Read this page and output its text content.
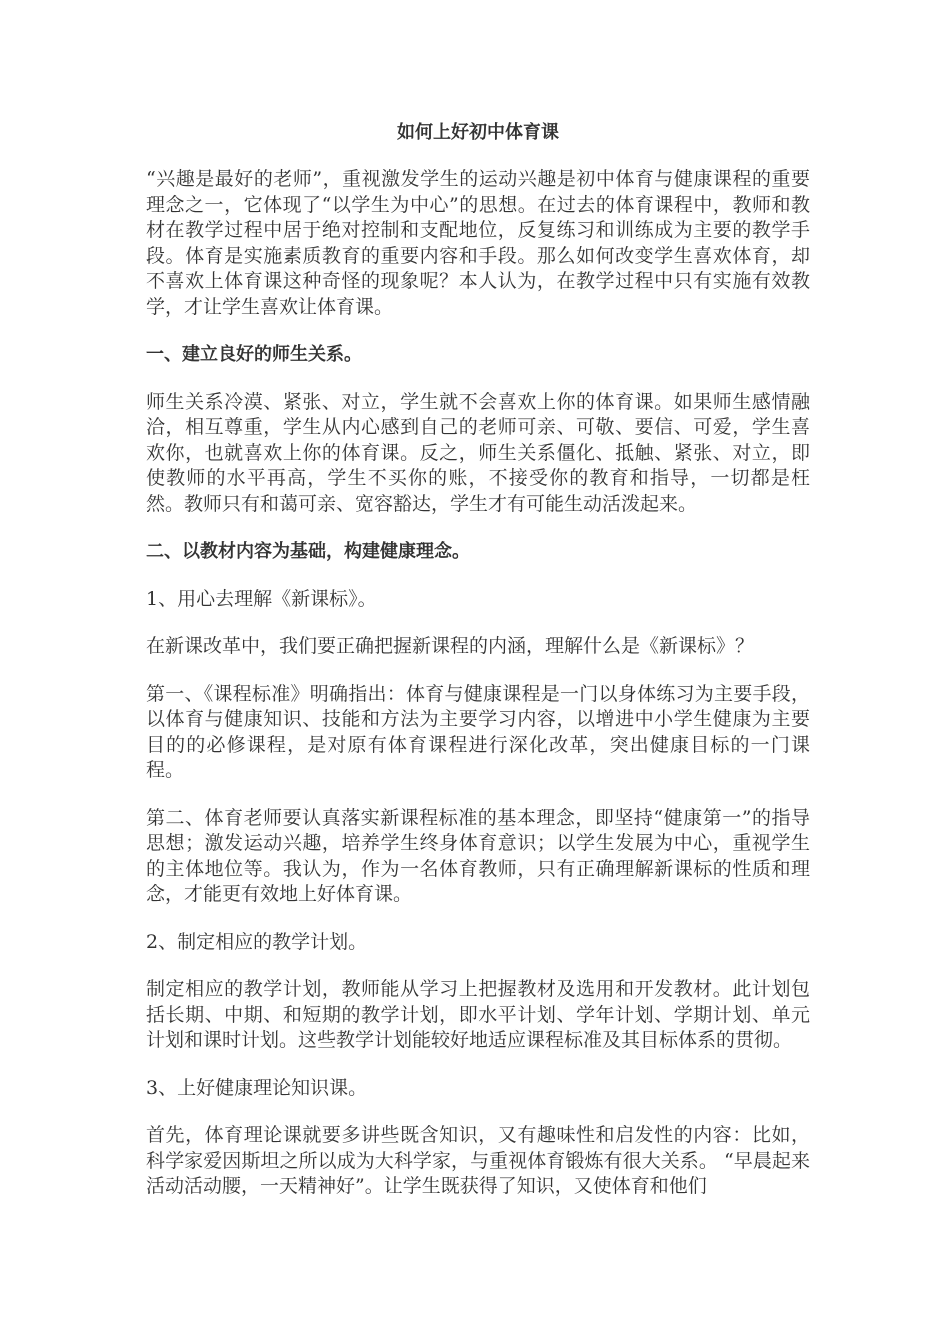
如何上好初中体育课

“兴趣是最好的老师”，重视激发学生的运动兴趣是初中体育与健康课程的重要理念之一，它体现了“以学生为中心”的思想。在过去的体育课程中，教师和教材在教学过程中居于绝对控制和支配地位，反复练习和训练成为主要的教学手段。体育是实施素质教育的重要内容和手段。那么如何改变学生喜欢体育，却不喜欢上体育课这种奇怪的现象呢？本人认为，在教学过程中只有实施有效教学，才让学生喜欢让体育课。

一、建立良好的师生关系。

师生关系冷漠、紧张、对立，学生就不会喜欢上你的体育课。如果师生感情融洽，相互尊重，学生从内心感到自己的老师可亲、可敬、要信、可爱，学生喜欢你，也就喜欢上你的体育课。反之，师生关系僵化、抵触、紧张、对立，即使教师的水平再高，学生不买你的账，不接受你的教育和指导，一切都是枉然。教师只有和蔼可亲、宽容豁达，学生才有可能生动活泼起来。

二、以教材内容为基础，构建健康理念。

1、用心去理解《新课标》。

在新课改革中，我们要正确把握新课程的内涵，理解什么是《新课标》？

第一、《课程标准》明确指出：体育与健康课程是一门以身体练习为主要手段，以体育与健康知识、技能和方法为主要学习内容，以增进中小学生健康为主要目的的必修课程，是对原有体育课程进行深化改革，突出健康目标的一门课程。

第二、体育老师要认真落实新课程标准的基本理念，即坚持“健康第一”的指导思想；激发运动兴趣，培养学生终身体育意识；以学生发展为中心，重视学生的主体地位等。我认为，作为一名体育教师，只有正确理解新课标的性质和理念，才能更有效地上好体育课。

2、制定相应的教学计划。

制定相应的教学计划，教师能从学习上把握教材及选用和开发教材。此计划包括长期、中期、和短期的教学计划，即水平计划、学年计划、学期计划、单元计划和课时计划。这些教学计划能较好地适应课程标准及其目标体系的贯彻。

3、上好健康理论知识课。

首先，体育理论课就要多讲些既含知识，又有趣味性和启发性的内容：比如，科学家爱因斯坦之所以成为大科学家，与重视体育锻炼有很大关系。 “早晨起来活动活动腰，一天精神好”。让学生既获得了知识，又使体育和他们
